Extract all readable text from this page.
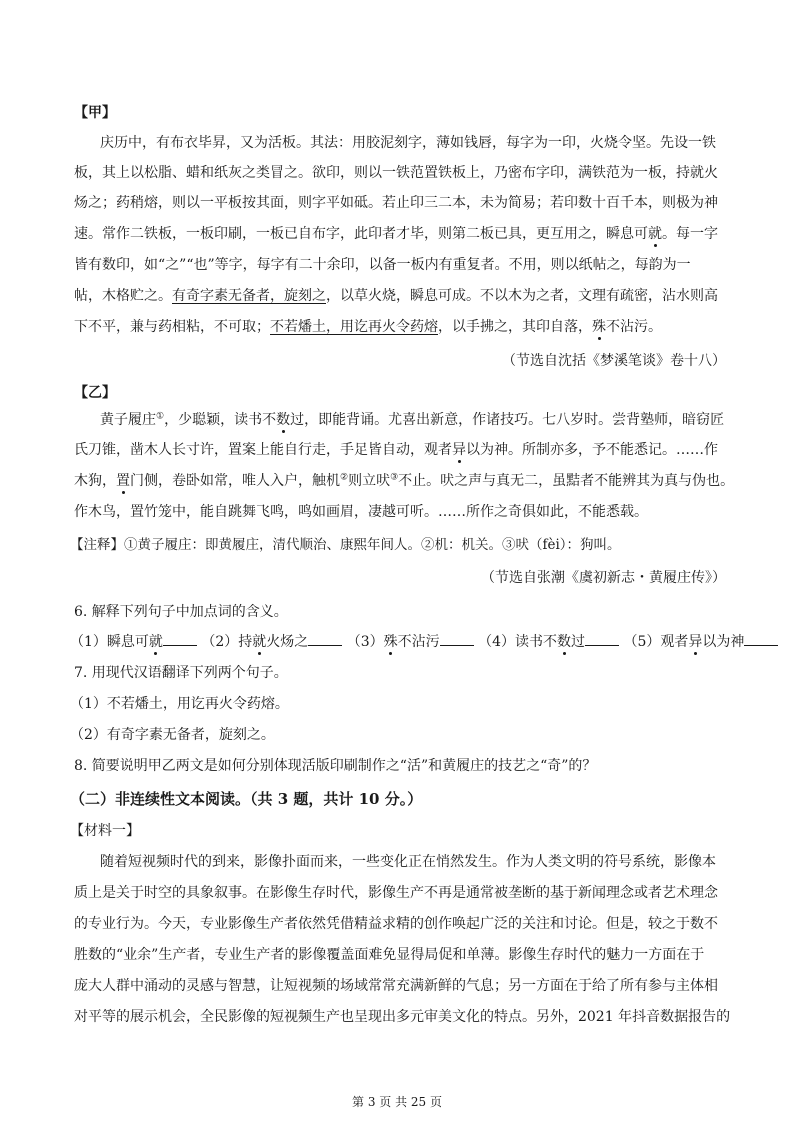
【甲】
庆历中，有布衣毕昇，又为活板。其法：用胶泥刻字，薄如钱唇，每字为一印，火烧令坚。先设一铁
板，其上以松脂、蜡和纸灰之类冒之。欲印，则以一铁范置铁板上，乃密布字印，满铁范为一板，持就火
炀之；药稍熔，则以一平板按其面，则字平如砥。若止印三二本，未为简易；若印数十百千本，则极为神
速。常作二铁板，一板印刷，一板已自布字，此印者才毕，则第二板已具，更互用之，瞬息可就。每一字
皆有数印，如“之”“也”等字，每字有二十余印，以备一板内有重复者。不用，则以纸帖之，每韵为一
帖，木格贮之。有奇字素无备者，旋刻之，以草火烧，瞬息可成。不以木为之者，文理有疏密，沾水则高
下不平，兼与药相粘，不可取；不若燔土，用讫再火令药熔，以手拂之，其印自落，殊不沾污。
（节选自沈括《梦溪笔谈》卷十八）
【乙】
黄子履庄①，少聪颖，读书不数过，即能背诵。尤喜出新意，作诸技巧。七八岁时。尝背塾师，暗窃匠
氏刀锥，凿木人长寸许，置案上能自行走，手足皆自动，观者异以为神。所制亦多，予不能悉记。……作
木狗，置门侧，卷卧如常，唯人入户，触机②则立吠③不止。吠之声与真无二，虽黠者不能辨其为真与伪也。
作木鸟，置竹笼中，能自跳舞飞鸣，鸣如画眉，凄越可听。……所作之奇俱如此，不能悉载。
【注释】①黄子履庄：即黄履庄，清代顺治、康熙年间人。②机：机关。③吠（fèi）：狗叫。
（节选自张潮《虞初新志・黄履庄传》）
6. 解释下列句子中加点词的含义。
（1）瞬息可就	（2）持就火炀之	（3）殊不沾污	（4）读书不数过	（5）观者异以为神
7. 用现代汉语翻译下列两个句子。
（1）不若燔土，用讫再火令药熔。
（2）有奇字素无备者，旋刻之。
8. 简要说明甲乙两文是如何分别体现活版印刷制作之“活”和黄履庄的技艺之“奇”的？
（二）非连续性文本阅读。（共 3 题，共计 10 分。）
【材料一】
随着短视频时代的到来，影像扑面而来，一些变化正在悄然发生。作为人类文明的符号系统，影像本
质上是关于时空的具象叙事。在影像生存时代，影像生产不再是通常被垄断的基于新闻理念或者艺术理念
的专业行为。今天，专业影像生产者依然凭借精益求精的创作唤起广泛的关注和讨论。但是，较之于数不
胜数的“业余”生产者，专业生产者的影像覆盖面难免显得局促和单薄。影像生存时代的魅力一方面在于
庞大人群中涌动的灵感与智慧，让短视频的场域常常充满新鲜的气息；另一方面在于给了所有参与主体相
对平等的展示机会，全民影像的短视频生产也呈现出多元审美文化的特点。另外，2021 年抖音数据报告的
第 3 页 共 25 页
